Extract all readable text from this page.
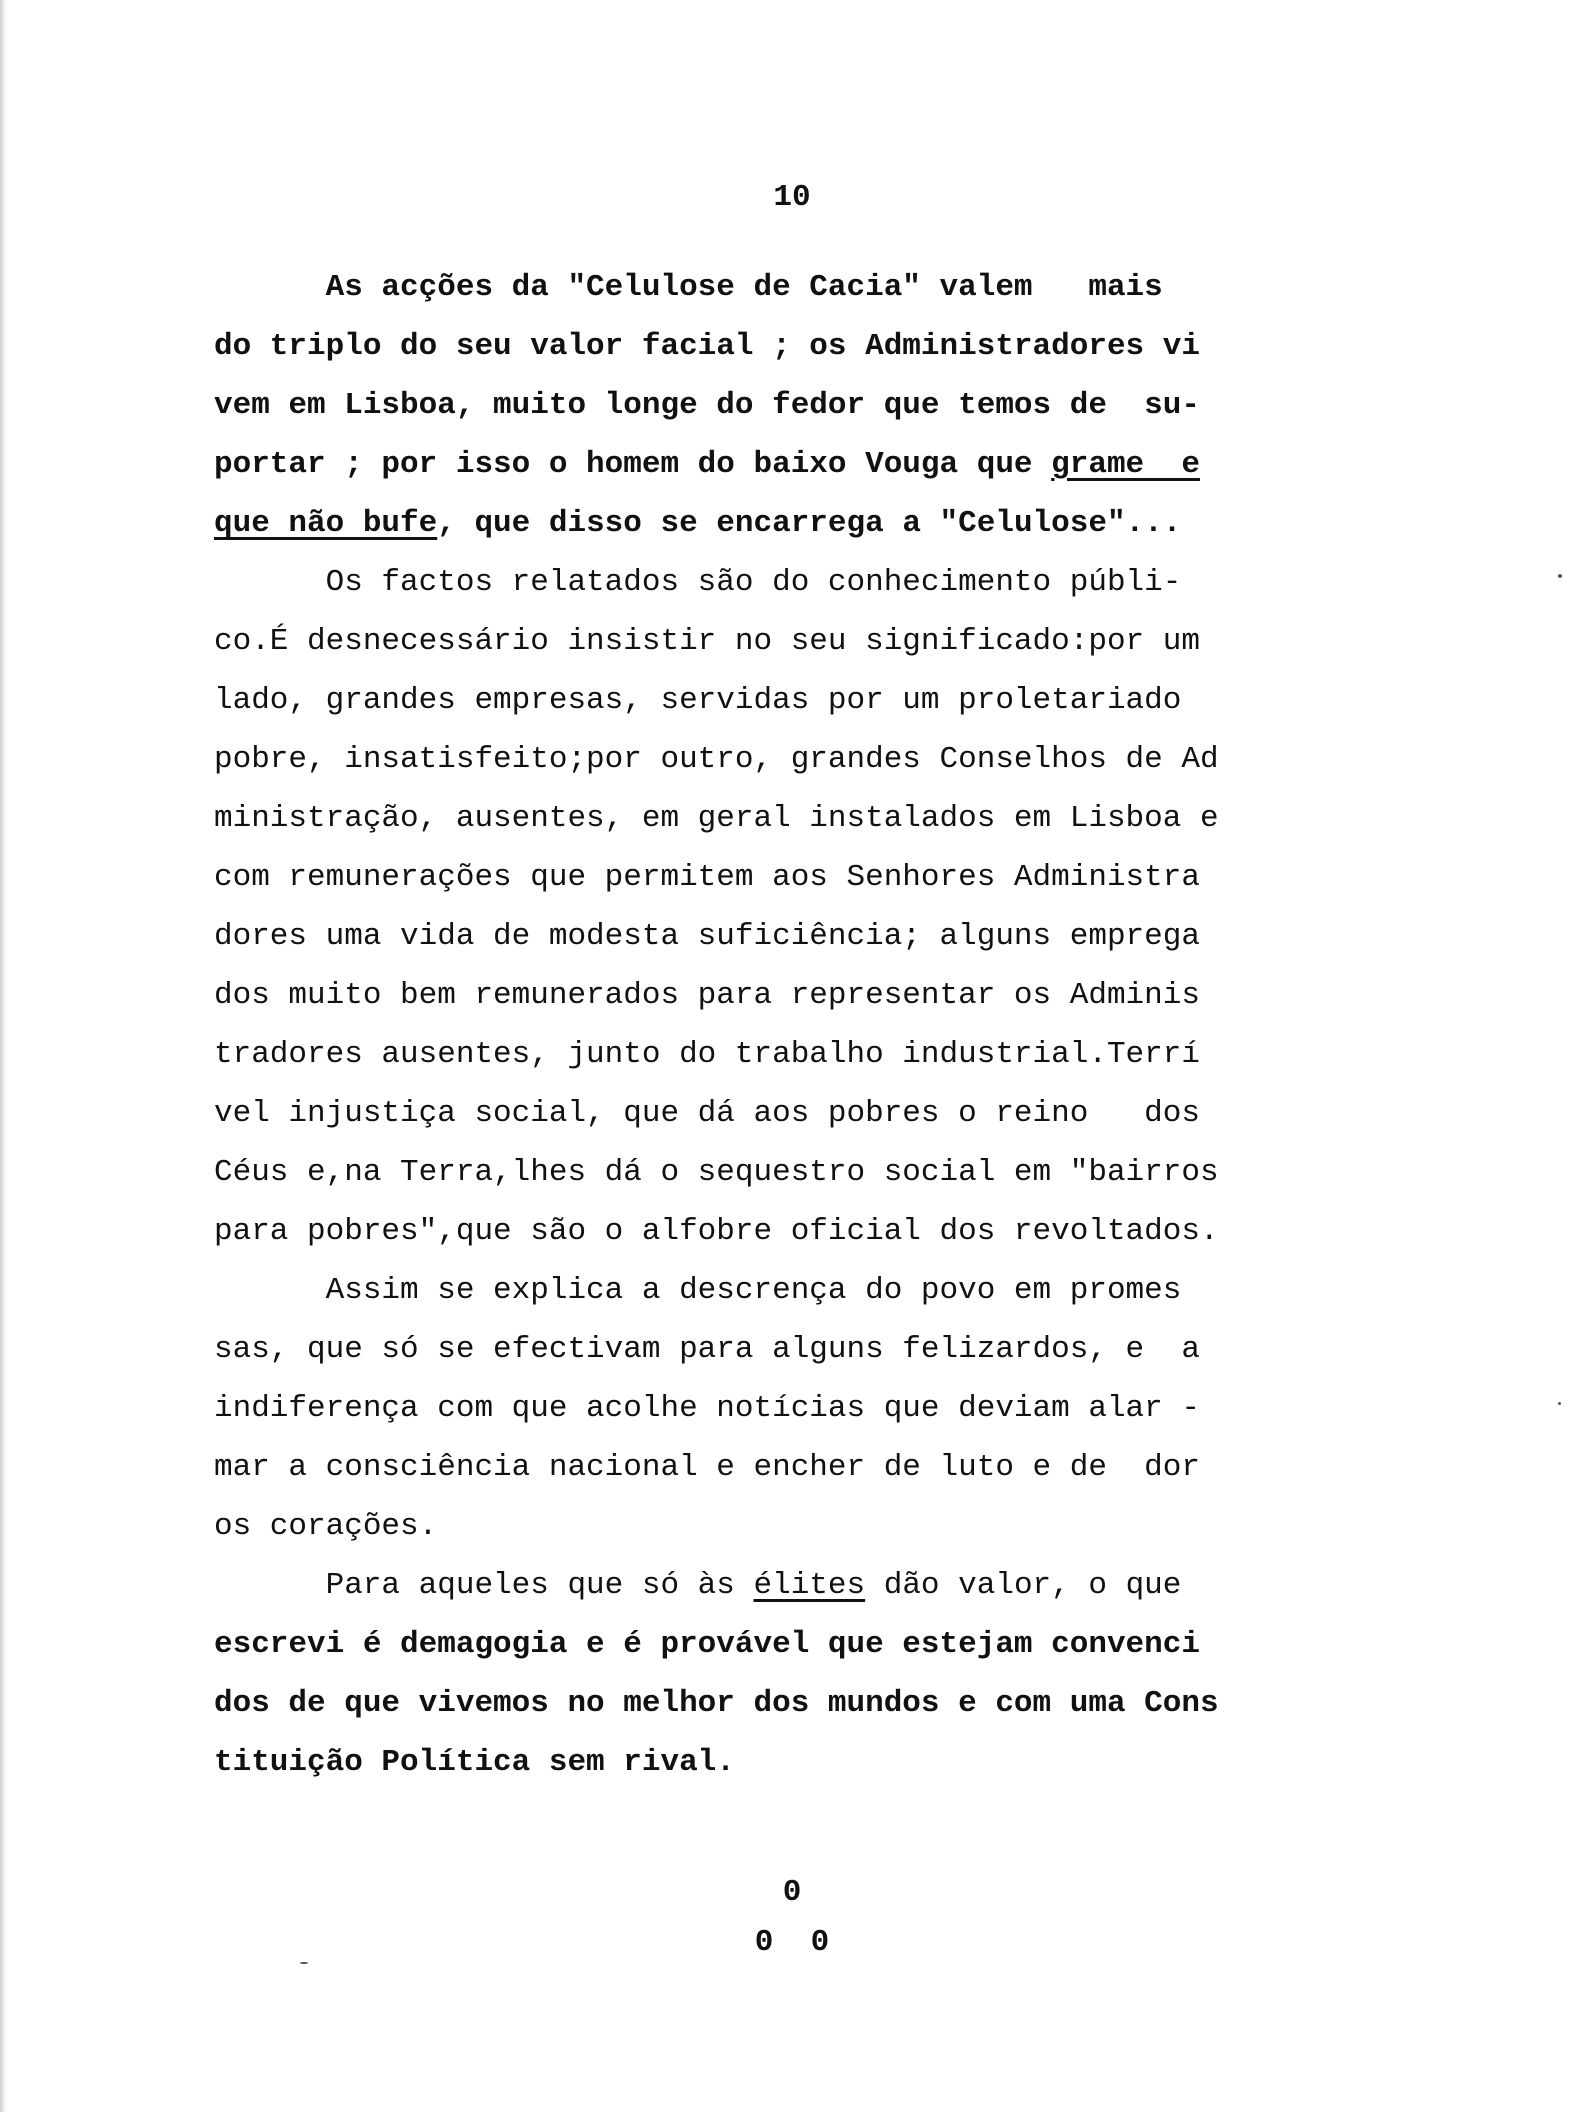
10
As acções da "Celulose de Cacia" valem   mais
do triplo do seu valor facial ; os Administradores vi
vem em Lisboa, muito longe do fedor que temos de  su-
portar ; por isso o homem do baixo Vouga que grame  e
que não bufe, que disso se encarrega a "Celulose"...
Os factos relatados são do conhecimento públi-
co.É desnecessário insistir no seu significado:por um
lado, grandes empresas, servidas por um proletariado
pobre, insatisfeito;por outro, grandes Conselhos de Ad
ministração, ausentes, em geral instalados em Lisboa e
com remunerações que permitem aos Senhores Administra
dores uma vida de modesta suficiência; alguns emprega
dos muito bem remunerados para representar os Adminis
tradores ausentes, junto do trabalho industrial.Terrí
vel injustiça social, que dá aos pobres o reino   dos
Céus e,na Terra,lhes dá o sequestro social em "bairros
para pobres",que são o alfobre oficial dos revoltados.
Assim se explica a descrença do povo em promes
sas, que só se efectivam para alguns felizardos, e  a
indiferença com que acolhe notícias que deviam alar -
mar a consciência nacional e encher de luto e de  dor
os corações.
Para aqueles que só às élites dão valor, o que
escrevi é demagogia e é provável que estejam convenci
dos de que vivemos no melhor dos mundos e com uma Cons
tituição Política sem rival.
0
0  0
